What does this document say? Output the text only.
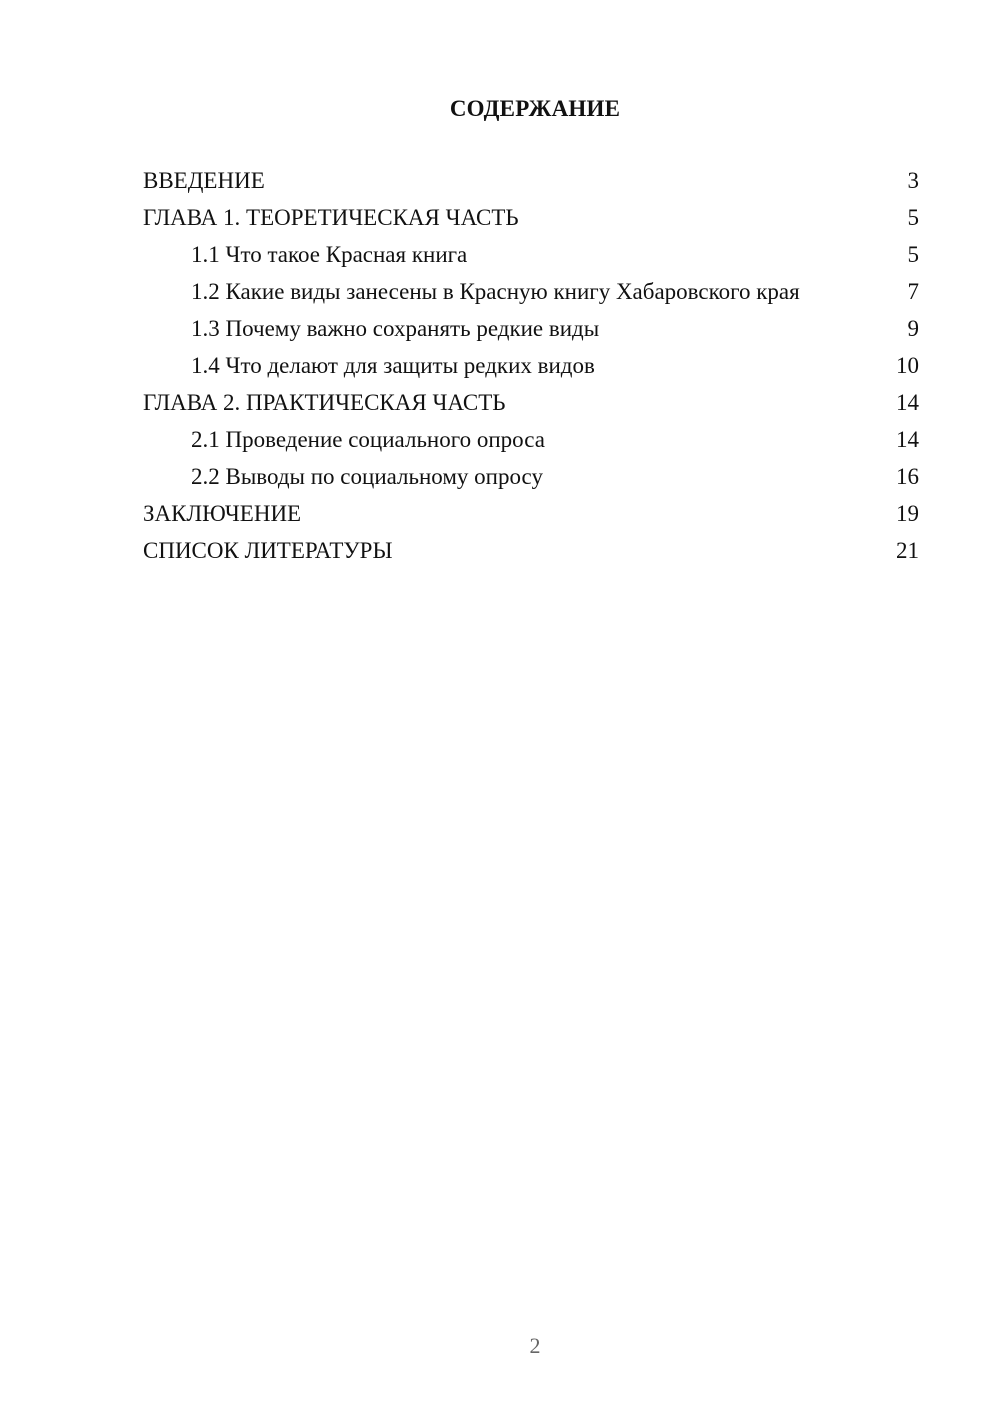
СОДЕРЖАНИЕ
ВВЕДЕНИЕ	3
ГЛАВА 1. ТЕОРЕТИЧЕСКАЯ ЧАСТЬ	5
1.1 Что такое Красная книга	5
1.2 Какие виды занесены в Красную книгу Хабаровского края	7
1.3 Почему важно сохранять редкие виды	9
1.4 Что делают для защиты редких видов	10
ГЛАВА 2. ПРАКТИЧЕСКАЯ ЧАСТЬ	14
2.1 Проведение социального опроса	14
2.2 Выводы по социальному опросу	16
ЗАКЛЮЧЕНИЕ	19
СПИСОК ЛИТЕРАТУРЫ	21
2
